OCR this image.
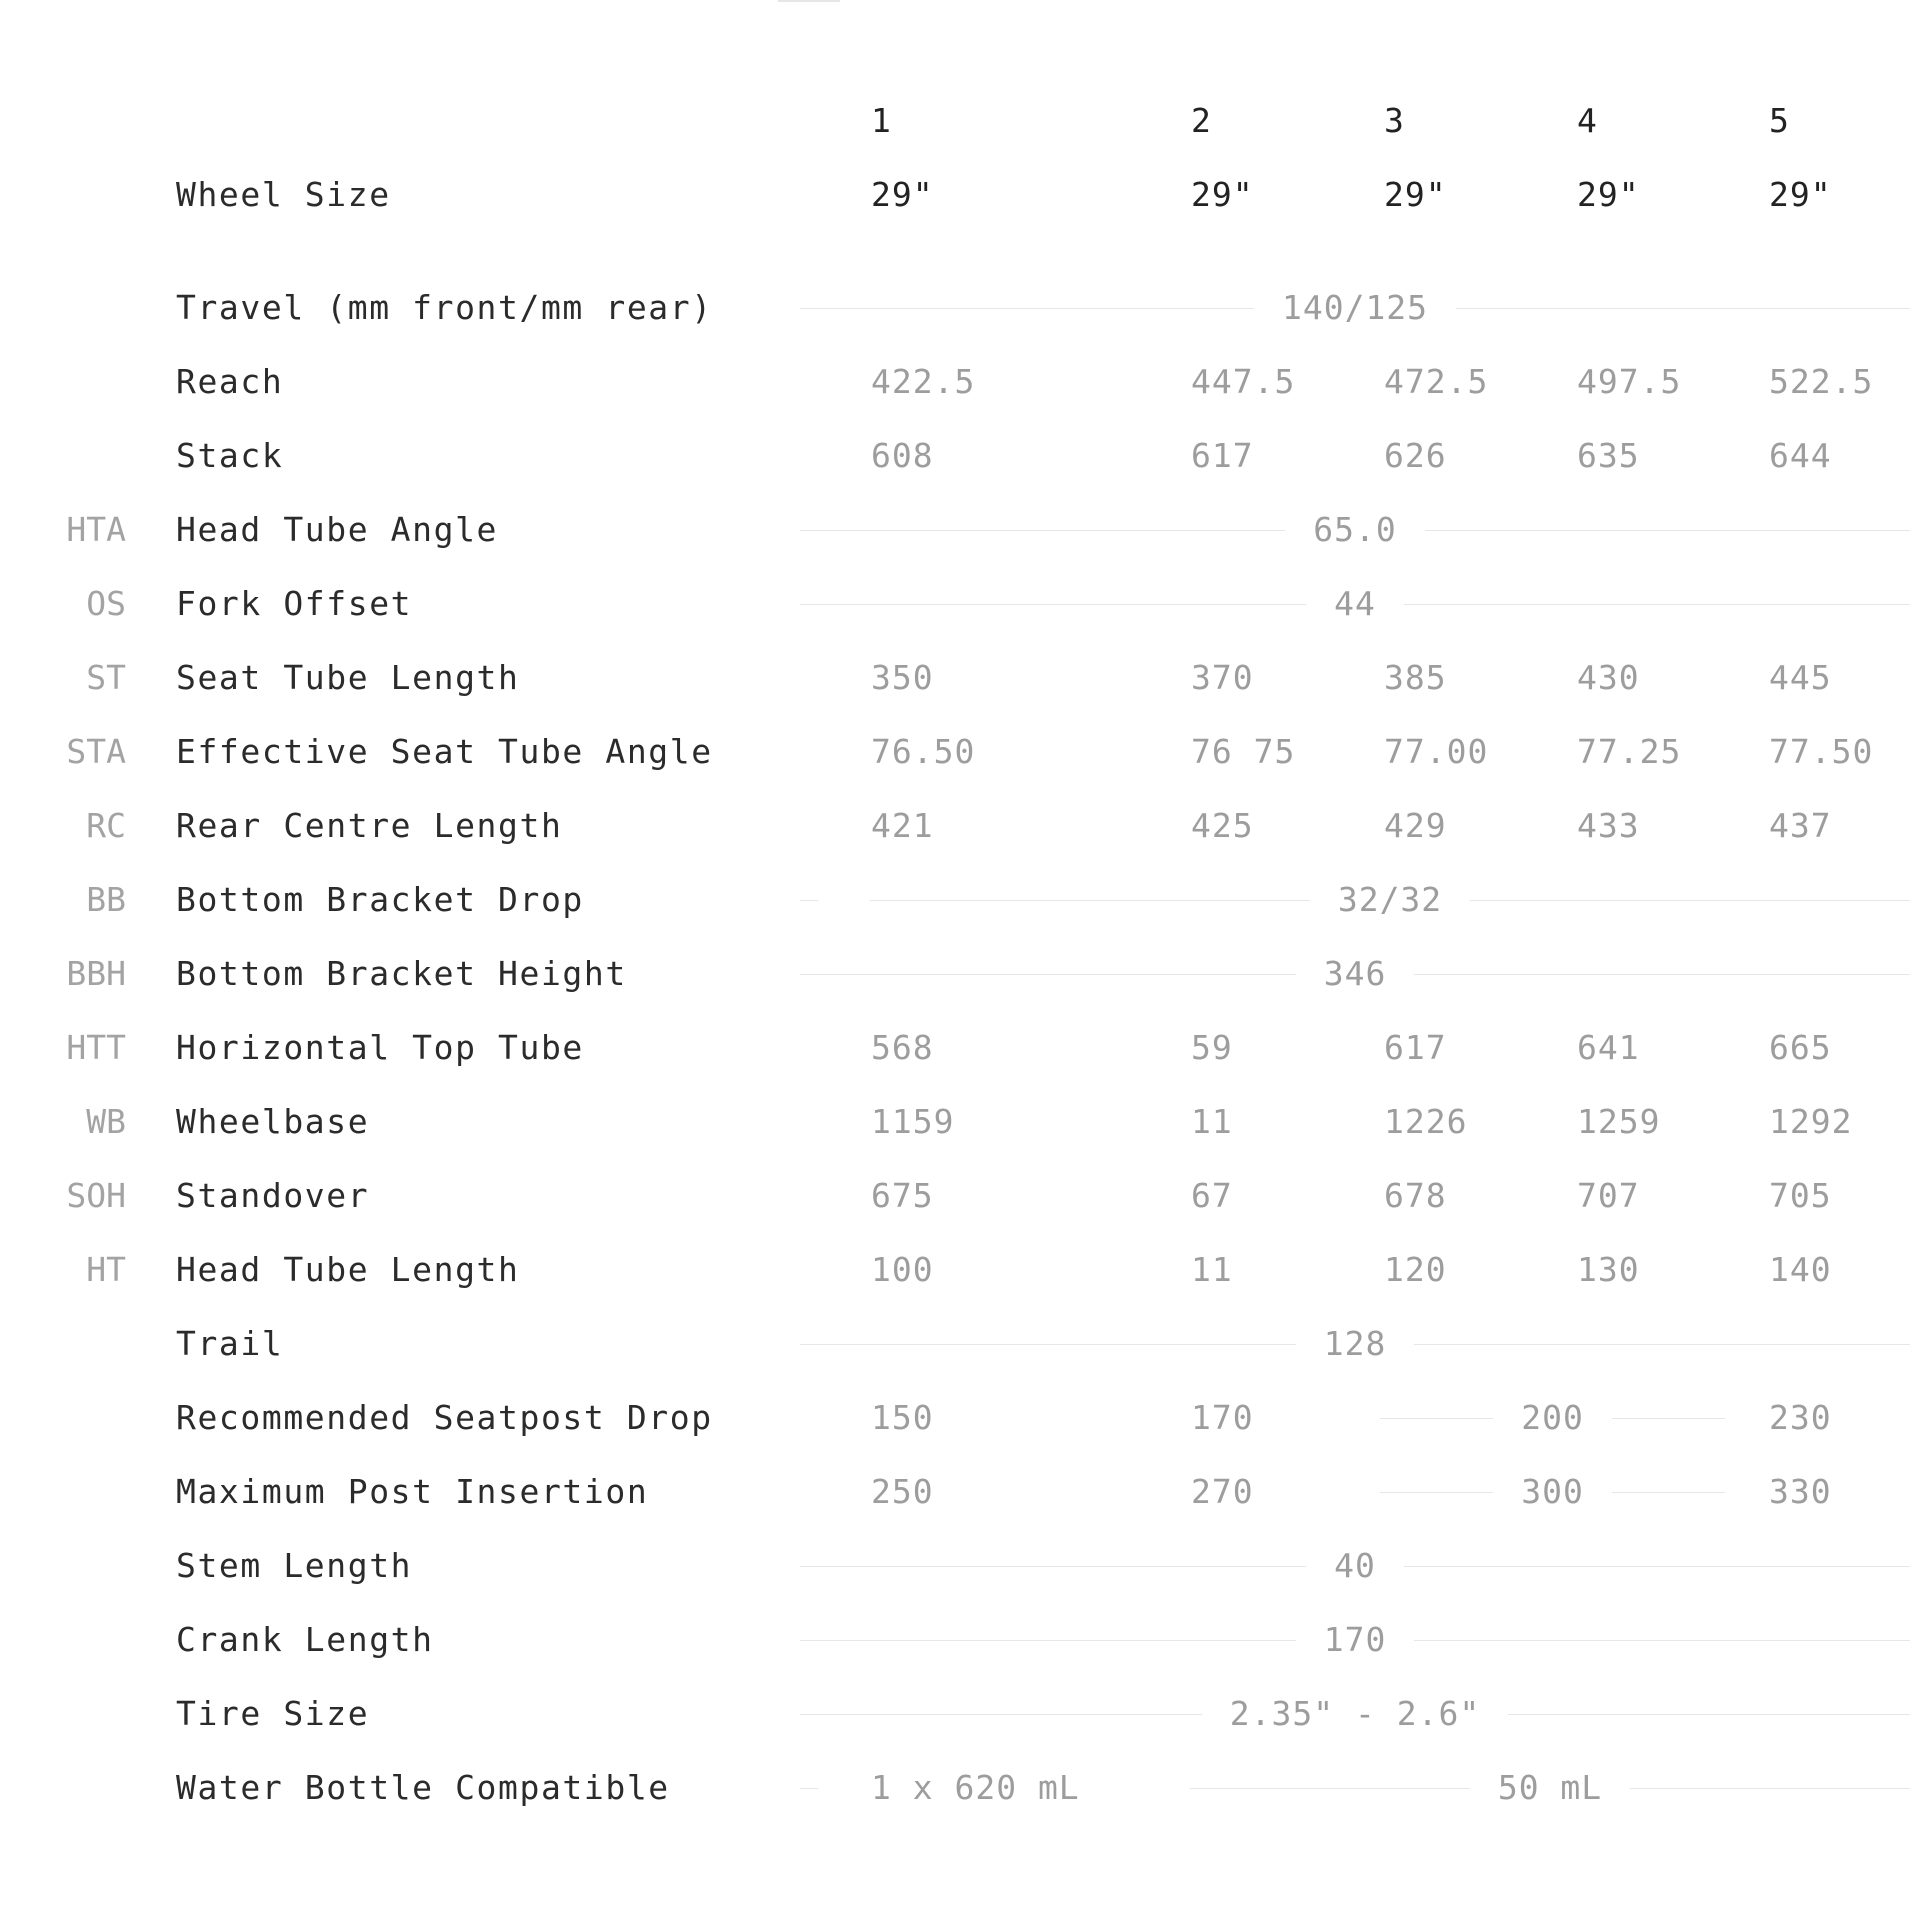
1	2	3	4	5
Wheel Size	29"	29"	29"	29"	29"
Travel (mm front/mm rear)	140/125
Reach	422.5	447.5	472.5	497.5	522.5
Stack	608	617	626	635	644
HTA Head Tube Angle	65.0
OS Fork Offset	44
ST Seat Tube Length	350	370	385	430	445
STA Effective Seat Tube Angle	76.50	76 75	77.00	77.25	77.50
RC Rear Centre Length	421	425	429	433	437
BB Bottom Bracket Drop	32/32
BBH Bottom Bracket Height	346
HTT Horizontal Top Tube	568	59	617	641	665
WB Wheelbase	1159	11	1226	1259	1292
SOH Standover	675	67	678	707	705
HT Head Tube Length	100	11	120	130	140
Trail	128
Recommended Seatpost Drop	150	170	200	230
Maximum Post Insertion	250	270	300	330
Stem Length	40
Crank Length	170
Tire Size	2.35" - 2.6"
Water Bottle Compatible	1 x 620 mL	50 mL
